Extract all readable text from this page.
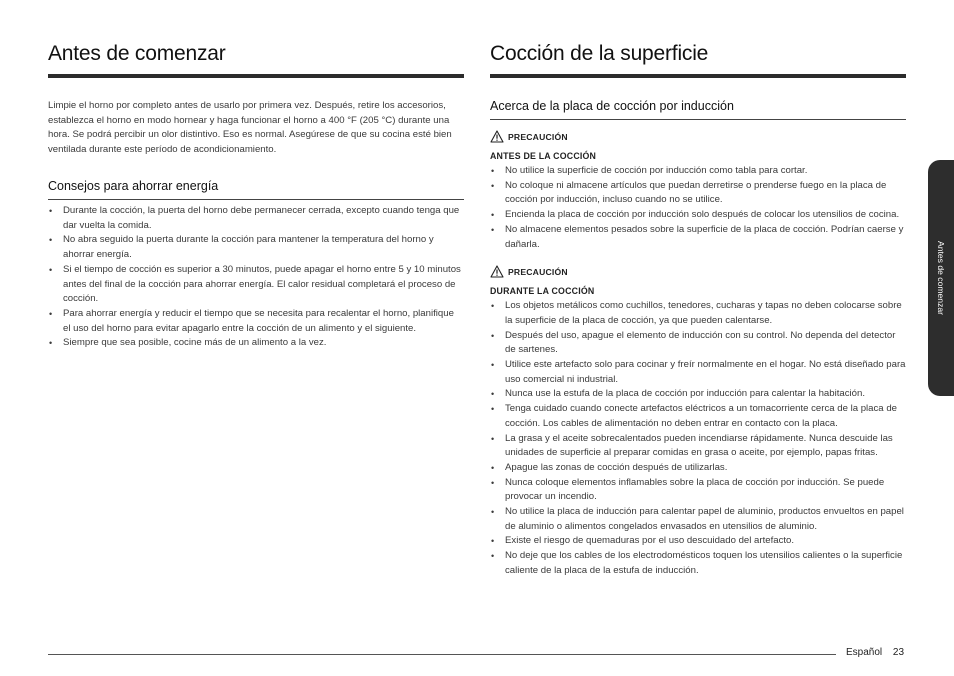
Antes de comenzar

Limpie el horno por completo antes de usarlo por primera vez. Después, retire los accesorios, establezca el horno en modo hornear y haga funcionar el horno a 400 °F (205 °C) durante una hora. Se podrá percibir un olor distintivo. Eso es normal. Asegúrese de que su cocina esté bien ventilada durante este período de acondicionamiento.

Consejos para ahorrar energía
• Durante la cocción, la puerta del horno debe permanecer cerrada, excepto cuando tenga que dar vuelta la comida.
• No abra seguido la puerta durante la cocción para mantener la temperatura del horno y ahorrar energía.
• Si el tiempo de cocción es superior a 30 minutos, puede apagar el horno entre 5 y 10 minutos antes del final de la cocción para ahorrar energía. El calor residual completará el proceso de cocción.
• Para ahorrar energía y reducir el tiempo que se necesita para recalentar el horno, planifique el uso del horno para evitar apagarlo entre la cocción de un alimento y el siguiente.
• Siempre que sea posible, cocine más de un alimento a la vez.
Cocción de la superficie
Acerca de la placa de cocción por inducción
PRECAUCIÓN
ANTES DE LA COCCIÓN
• No utilice la superficie de cocción por inducción como tabla para cortar.
• No coloque ni almacene artículos que puedan derretirse o prenderse fuego en la placa de cocción por inducción, incluso cuando no se utilice.
• Encienda la placa de cocción por inducción solo después de colocar los utensilios de cocina.
• No almacene elementos pesados sobre la superficie de la placa de cocción. Podrían caerse y dañarla.
PRECAUCIÓN
DURANTE LA COCCIÓN
• Los objetos metálicos como cuchillos, tenedores, cucharas y tapas no deben colocarse sobre la superficie de la placa de cocción, ya que pueden calentarse.
• Después del uso, apague el elemento de inducción con su control. No dependa del detector de sartenes.
• Utilice este artefacto solo para cocinar y freír normalmente en el hogar. No está diseñado para uso comercial ni industrial.
• Nunca use la estufa de la placa de cocción por inducción para calentar la habitación.
• Tenga cuidado cuando conecte artefactos eléctricos a un tomacorriente cerca de la placa de cocción. Los cables de alimentación no deben entrar en contacto con la placa.
• La grasa y el aceite sobrecalentados pueden incendiarse rápidamente. Nunca descuide las unidades de superficie al preparar comidas en grasa o aceite, por ejemplo, papas fritas.
• Apague las zonas de cocción después de utilizarlas.
• Nunca coloque elementos inflamables sobre la placa de cocción por inducción. Se puede provocar un incendio.
• No utilice la placa de inducción para calentar papel de aluminio, productos envueltos en papel de aluminio o alimentos congelados envasados en utensilios de aluminio.
• Existe el riesgo de quemaduras por el uso descuidado del artefacto.
• No deje que los cables de los electrodomésticos toquen los utensilios calientes o la superficie caliente de la placa de la estufa de inducción.
Antes de comenzar
Español 23
